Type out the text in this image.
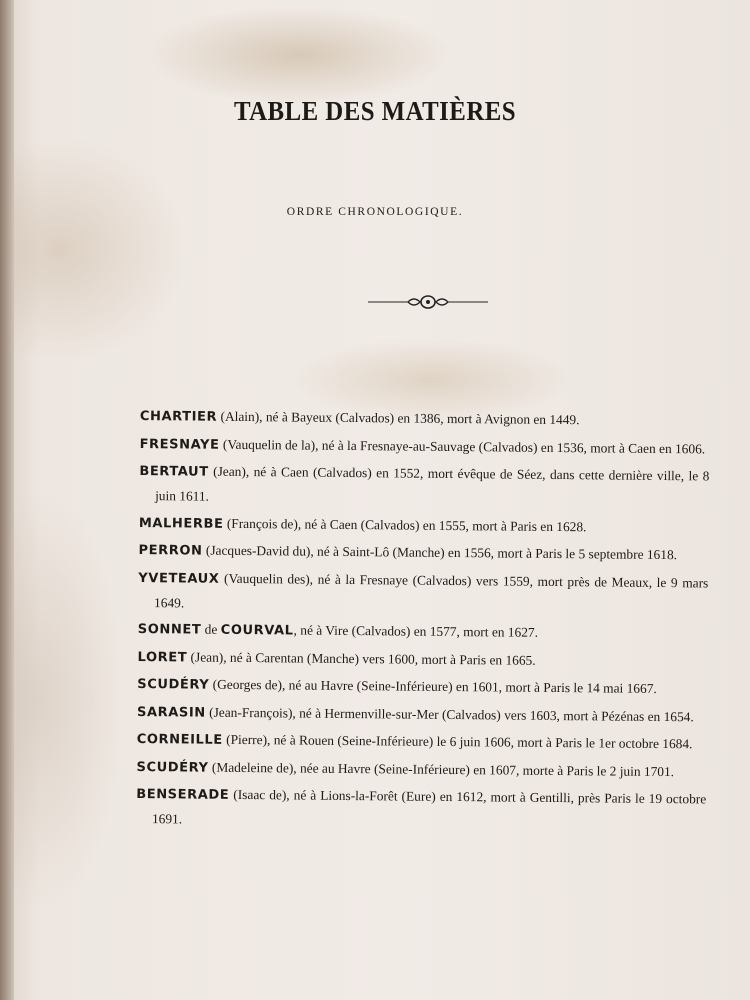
TABLE DES MATIÈRES
ORDRE CHRONOLOGIQUE.
CHARTIER (Alain), né à Bayeux (Calvados) en 1386, mort à Avignon en 1449.
FRESNAYE (Vauquelin de la), né à la Fresnaye-au-Sauvage (Calvados) en 1536, mort à Caen en 1606.
BERTAUT (Jean), né à Caen (Calvados) en 1552, mort évêque de Séez, dans cette dernière ville, le 8 juin 1611.
MALHERBE (François de), né à Caen (Calvados) en 1555, mort à Paris en 1628.
PERRON (Jacques-David du), né à Saint-Lô (Manche) en 1556, mort à Paris le 5 septembre 1618.
YVETEAUX (Vauquelin des), né à la Fresnaye (Calvados) vers 1559, mort près de Meaux, le 9 mars 1649.
SONNET de COURVAL, né à Vire (Calvados) en 1577, mort en 1627.
LORET (Jean), né à Carentan (Manche) vers 1600, mort à Paris en 1665.
SCUDÉRY (Georges de), né au Havre (Seine-Inférieure) en 1601, mort à Paris le 14 mai 1667.
SARASIN (Jean-François), né à Hermenville-sur-Mer (Calvados) vers 1603, mort à Pézénas en 1654.
CORNEILLE (Pierre), né à Rouen (Seine-Inférieure) le 6 juin 1606, mort à Paris le 1er octobre 1684.
SCUDÉRY (Madeleine de), née au Havre (Seine-Inférieure) en 1607, morte à Paris le 2 juin 1701.
BENSERADE (Isaac de), né à Lions-la-Forêt (Eure) en 1612, mort à Gentilli, près Paris le 19 octobre 1691.
